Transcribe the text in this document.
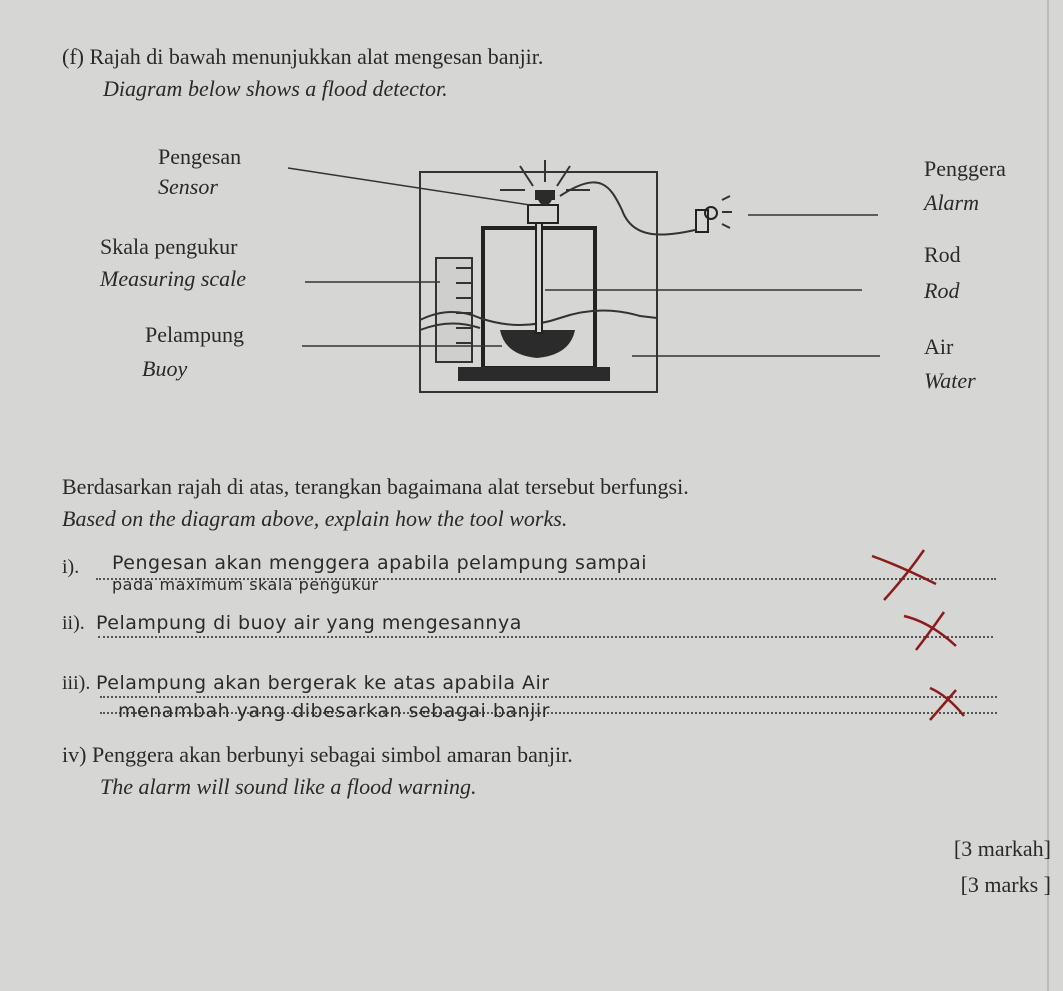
(f) Rajah di bawah menunjukkan alat mengesan banjir.
Diagram below shows a flood detector.
Pengesan
Sensor
Skala pengukur
Measuring scale
Pelampung
Buoy
Penggera
Alarm
Rod
Rod
Air
Water
Berdasarkan rajah di atas, terangkan bagaimana alat tersebut berfungsi.
Based on the diagram above, explain how the tool works.
i). Pengesan akan menggera apabila pelampung sampai
pada maximum skala pengukur
ii). Pelampung di buoy air yang mengesannya
iii). Pelampung akan bergerak ke atas apabila Air
menambah yang dibesarkan sebagai banjir
iv) Penggera akan berbunyi sebagai simbol amaran banjir.
The alarm will sound like a flood warning.
[3 markah]
[3 marks ]
